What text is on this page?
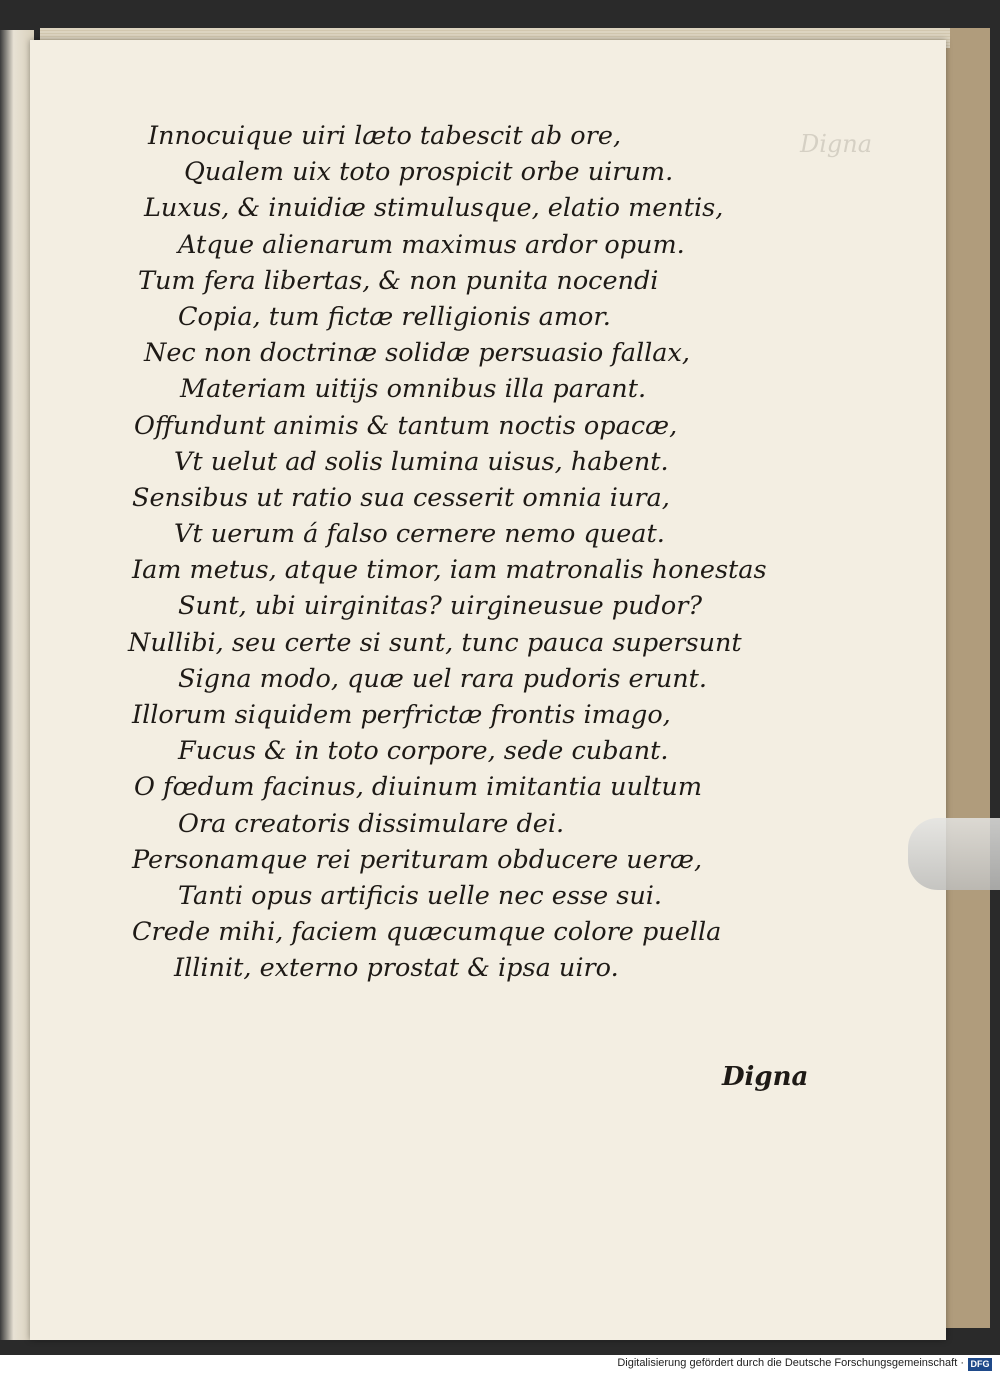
Digna
Innocuique uiri læto tabescit ab ore,
Qualem uix toto prospicit orbe uirum.
Luxus, & inuidiæ stimulusque, elatio mentis,
Atque alienarum maximus ardor opum.
Tum fera libertas, & non punita nocendi
Copia, tum fictæ relligionis amor.
Nec non doctrinæ solidæ persuasio fallax,
Materiam uitijs omnibus illa parant.
Offundunt animis & tantum noctis opacæ,
Vt uelut ad solis lumina uisus, habent.
Sensibus ut ratio sua cesserit omnia iura,
Vt uerum á falso cernere nemo queat.
Iam metus, atque timor, iam matronalis honestas
Sunt, ubi uirginitas? uirgineusue pudor?
Nullibi, seu certe si sunt, tunc pauca supersunt
Signa modo, quæ uel rara pudoris erunt.
Illorum siquidem perfrictæ frontis imago,
Fucus & in toto corpore, sede cubant.
O fœdum facinus, diuinum imitantia uultum
Ora creatoris dissimulare dei.
Personamque rei perituram obducere ueræ,
Tanti opus artificis uelle nec esse sui.
Crede mihi, faciem quæcumque colore puella
Illinit, externo prostat & ipsa uiro.
Digna
Digitalisierung gefördert durch die Deutsche Forschungsgemeinschaft · DFG
